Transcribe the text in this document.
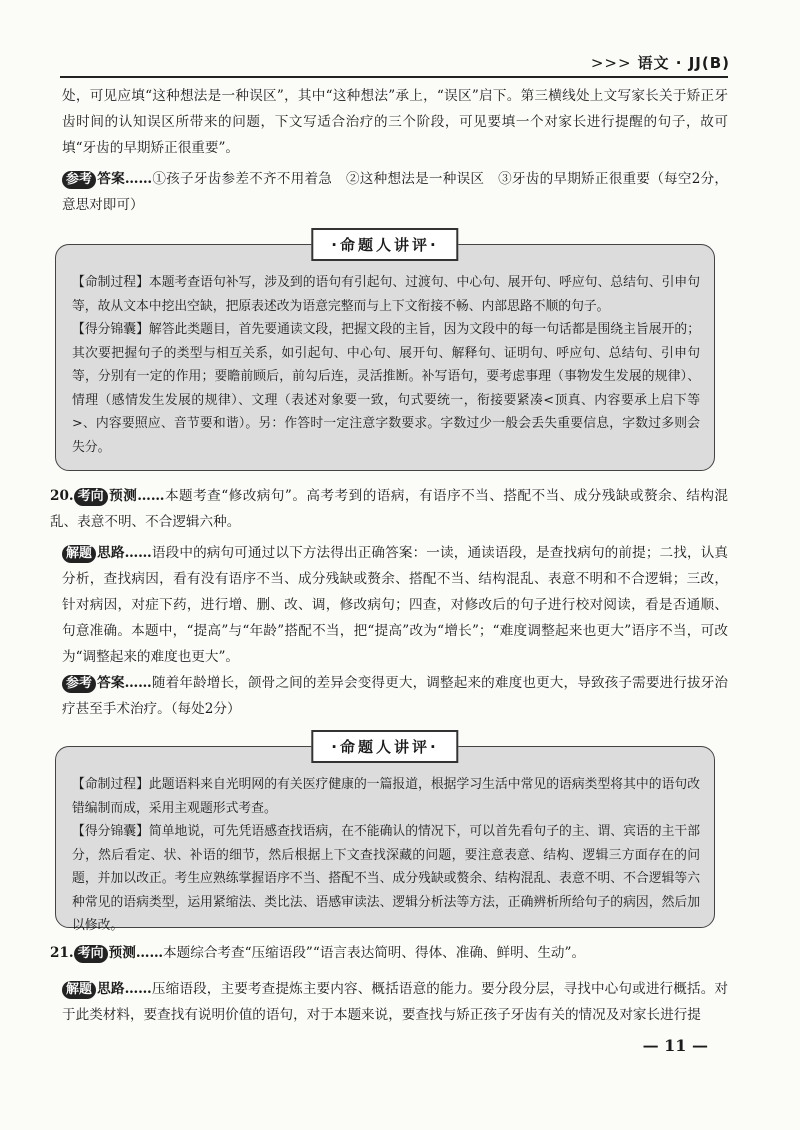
>>> 语文 · JJ(B)
处，可见应填“这种想法是一种误区”，其中“这种想法”承上，“误区”启下。第三横线处上文写家长关于矫正牙齿时间的认知误区所带来的问题，下文写适合治疗的三个阶段，可见要填一个对家长进行提醒的句子，故可填“牙齿的早期矫正很重要”。
参考 答案……①孩子牙齿参差不齐不用着急　②这种想法是一种误区　③牙齿的早期矫正很重要（每空2分，意思对即可）
·命题人讲评·

【命制过程】本题考查语句补写，涉及到的语句有引起句、过渡句、中心句、展开句、呼应句、总结句、引申句等，故从文本中挖出空缺，把原表述改为语意完整而与上下文衔接不畅、内部思路不顺的句子。

【得分锦囊】解答此类题目，首先要通读文段，把握文段的主旨，因为文段中的每一句话都是围绕主旨展开的；其次要把握句子的类型与相互关系，如引起句、中心句、展开句、解释句、证明句、呼应句、总结句、引申句等，分别有一定的作用；要瞻前顾后，前勾后连，灵活推断。补写语句，要考虑事理（事物发生发展的规律）、情理（感情发生发展的规律）、文理（表述对象要一致，句式要统一，衔接要紧凑<顶真、内容要承上启下等>、内容要照应、音节要和谐）。另：作答时一定注意字数要求。字数过少一般会丢失重要信息，字数过多则会失分。

20. 考向 预测……本题考查“修改病句”。高考考到的语病，有语序不当、搭配不当、成分残缺或赘余、结构混乱、表意不明、不合逻辑六种。
解题 思路……语段中的病句可通过以下方法得出正确答案：一读，通读语段，是查找病句的前提；二找，认真分析，查找病因，看有没有语序不当、成分残缺或赘余、搭配不当、结构混乱、表意不明和不合逻辑；三改，针对病因，对症下药，进行增、删、改、调，修改病句；四查，对修改后的句子进行校对阅读，看是否通顺、句意准确。本题中，“提高”与“年龄”搭配不当，把“提高”改为“增长”；“难度调整起来也更大”语序不当，可改为“调整起来的难度也更大”。
参考 答案……随着年龄增长，颌骨之间的差异会变得更大，调整起来的难度也更大，导致孩子需要进行拔牙治疗甚至手术治疗。（每处2分）
·命题人讲评·

【命制过程】此题语料来自光明网的有关医疗健康的一篇报道，根据学习生活中常见的语病类型将其中的语句改错编制而成，采用主观题形式考查。

【得分锦囊】简单地说，可先凭语感查找语病，在不能确认的情况下，可以首先看句子的主、谓、宾语的主干部分，然后看定、状、补语的细节，然后根据上下文查找深藏的问题，要注意表意、结构、逻辑三方面存在的问题，并加以改正。考生应熟练掌握语序不当、搭配不当、成分残缺或赘余、结构混乱、表意不明、不合逻辑等六种常见的语病类型，运用紧缩法、类比法、语感审读法、逻辑分析法等方法，正确辨析所给句子的病因，然后加以修改。

21. 考向 预测……本题综合考查“压缩语段”“语言表达简明、得体、准确、鲜明、生动”。
解题 思路……压缩语段，主要考查提炼主要内容、概括语意的能力。要分段分层，寻找中心句或进行概括。对于此类材料，要查找有说明价值的语句，对于本题来说，要查找与矫正孩子牙齿有关的情况及对家长进行提
— 11 —
